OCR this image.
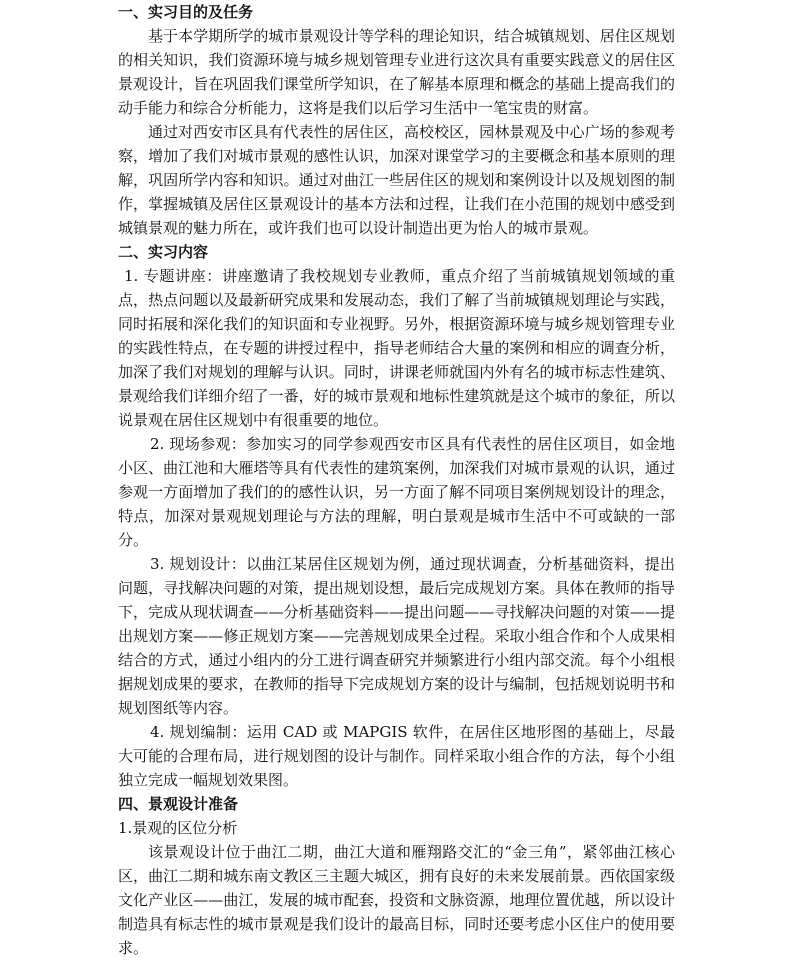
一、实习目的及任务

基于本学期所学的城市景观设计等学科的理论知识，结合城镇规划、居住区规划的相关知识，我们资源环境与城乡规划管理专业进行这次具有重要实践意义的居住区景观设计，旨在巩固我们课堂所学知识，在了解基本原理和概念的基础上提高我们的动手能力和综合分析能力，这将是我们以后学习生活中一笔宝贵的财富。

通过对西安市区具有代表性的居住区，高校校区，园林景观及中心广场的参观考察，增加了我们对城市景观的感性认识，加深对课堂学习的主要概念和基本原则的理解，巩固所学内容和知识。通过对曲江一些居住区的规划和案例设计以及规划图的制作，掌握城镇及居住区景观设计的基本方法和过程，让我们在小范围的规划中感受到城镇景观的魅力所在，或许我们也可以设计制造出更为怡人的城市景观。

二、实习内容

1. 专题讲座：讲座邀请了我校规划专业教师，重点介绍了当前城镇规划领域的重点，热点问题以及最新研究成果和发展动态，我们了解了当前城镇规划理论与实践，同时拓展和深化我们的知识面和专业视野。另外，根据资源环境与城乡规划管理专业的实践性特点，在专题的讲授过程中，指导老师结合大量的案例和相应的调查分析，加深了我们对规划的理解与认识。同时，讲课老师就国内外有名的城市标志性建筑、景观给我们详细介绍了一番，好的城市景观和地标性建筑就是这个城市的象征，所以说景观在居住区规划中有很重要的地位。

2. 现场参观：参加实习的同学参观西安市区具有代表性的居住区项目，如金地小区、曲江池和大雁塔等具有代表性的建筑案例，加深我们对城市景观的认识，通过参观一方面增加了我们的的感性认识，另一方面了解不同项目案例规划设计的理念，特点，加深对景观规划理论与方法的理解，明白景观是城市生活中不可或缺的一部分。

3. 规划设计：以曲江某居住区规划为例，通过现状调查，分析基础资料，提出问题，寻找解决问题的对策，提出规划设想，最后完成规划方案。具体在教师的指导下，完成从现状调查——分析基础资料——提出问题——寻找解决问题的对策——提出规划方案——修正规划方案——完善规划成果全过程。采取小组合作和个人成果相结合的方式，通过小组内的分工进行调查研究并频繁进行小组内部交流。每个小组根据规划成果的要求，在教师的指导下完成规划方案的设计与编制，包括规划说明书和规划图纸等内容。

4. 规划编制：运用 CAD 或 MAPGIS 软件，在居住区地形图的基础上，尽最大可能的合理布局，进行规划图的设计与制作。同样采取小组合作的方法，每个小组独立完成一幅规划效果图。

四、景观设计准备

1.景观的区位分析

该景观设计位于曲江二期，曲江大道和雁翔路交汇的“金三角”，紧邻曲江核心区，曲江二期和城东南文教区三主题大城区，拥有良好的未来发展前景。西依国家级文化产业区——曲江，发展的城市配套，投资和文脉资源，地理位置优越，所以设计制造具有标志性的城市景观是我们设计的最高目标，同时还要考虑小区住户的使用要求。
